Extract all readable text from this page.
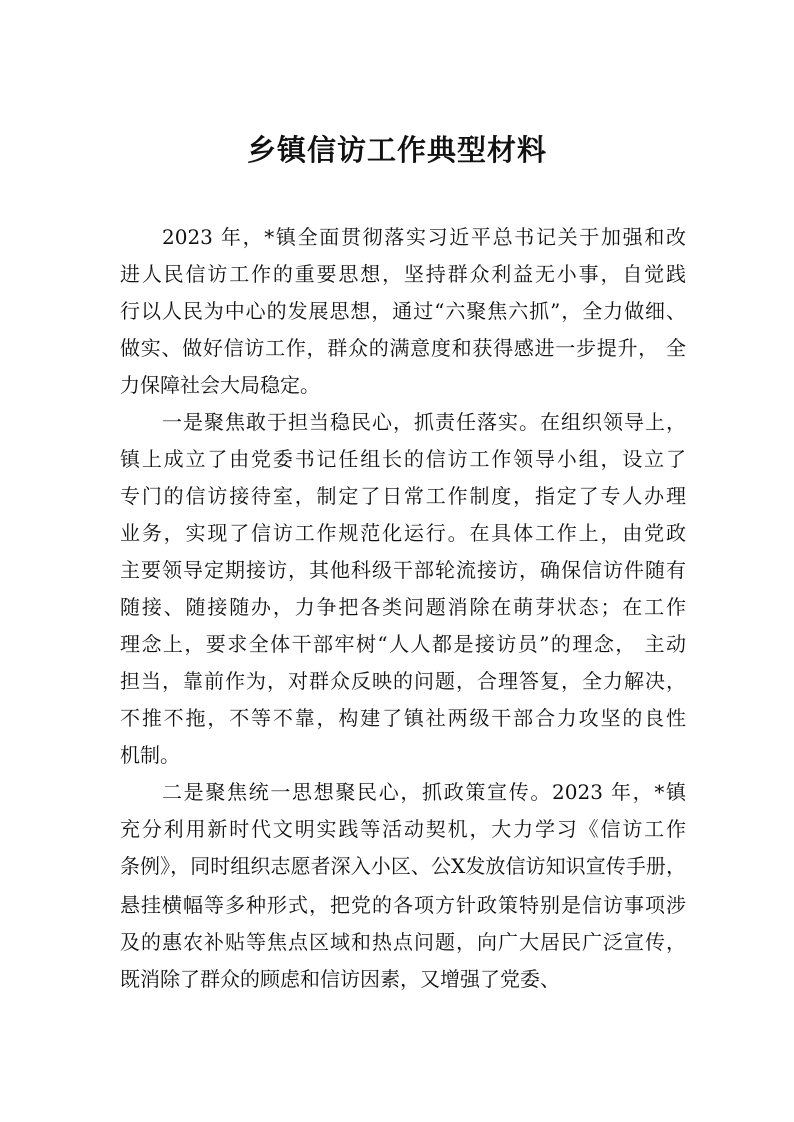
乡镇信访工作典型材料
2023 年，*镇全面贯彻落实习近平总书记关于加强和改
进人民信访工作的重要思想，坚持群众利益无小事，自觉践
行以人民为中心的发展思想，通过“六聚焦六抓”，全力做细、
做实、做好信访工作，群众的满意度和获得感进一步提升， 全
力保障社会大局稳定。
一是聚焦敢于担当稳民心，抓责任落实。在组织领导上，
镇上成立了由党委书记任组长的信访工作领导小组，设立了
专门的信访接待室，制定了日常工作制度，指定了专人办理
业务，实现了信访工作规范化运行。在具体工作上，由党政
主要领导定期接访，其他科级干部轮流接访，确保信访件随有
随接、随接随办，力争把各类问题消除在萌芽状态；在工作
理念上，要求全体干部牢树“人人都是接访员”的理念， 主动
担当，靠前作为，对群众反映的问题，合理答复，全力解决，
不推不拖，不等不靠，构建了镇社两级干部合力攻坚的良性
机制。
二是聚焦统一思想聚民心，抓政策宣传。2023 年，*镇
充分利用新时代文明实践等活动契机，大力学习《信访工作
条例》，同时组织志愿者深入小区、公X发放信访知识宣传手册，
悬挂横幅等多种形式，把党的各项方针政策特别是信访事项涉
及的惠农补贴等焦点区域和热点问题，向广大居民广泛宣传，
既消除了群众的顾虑和信访因素，又增强了党委、
